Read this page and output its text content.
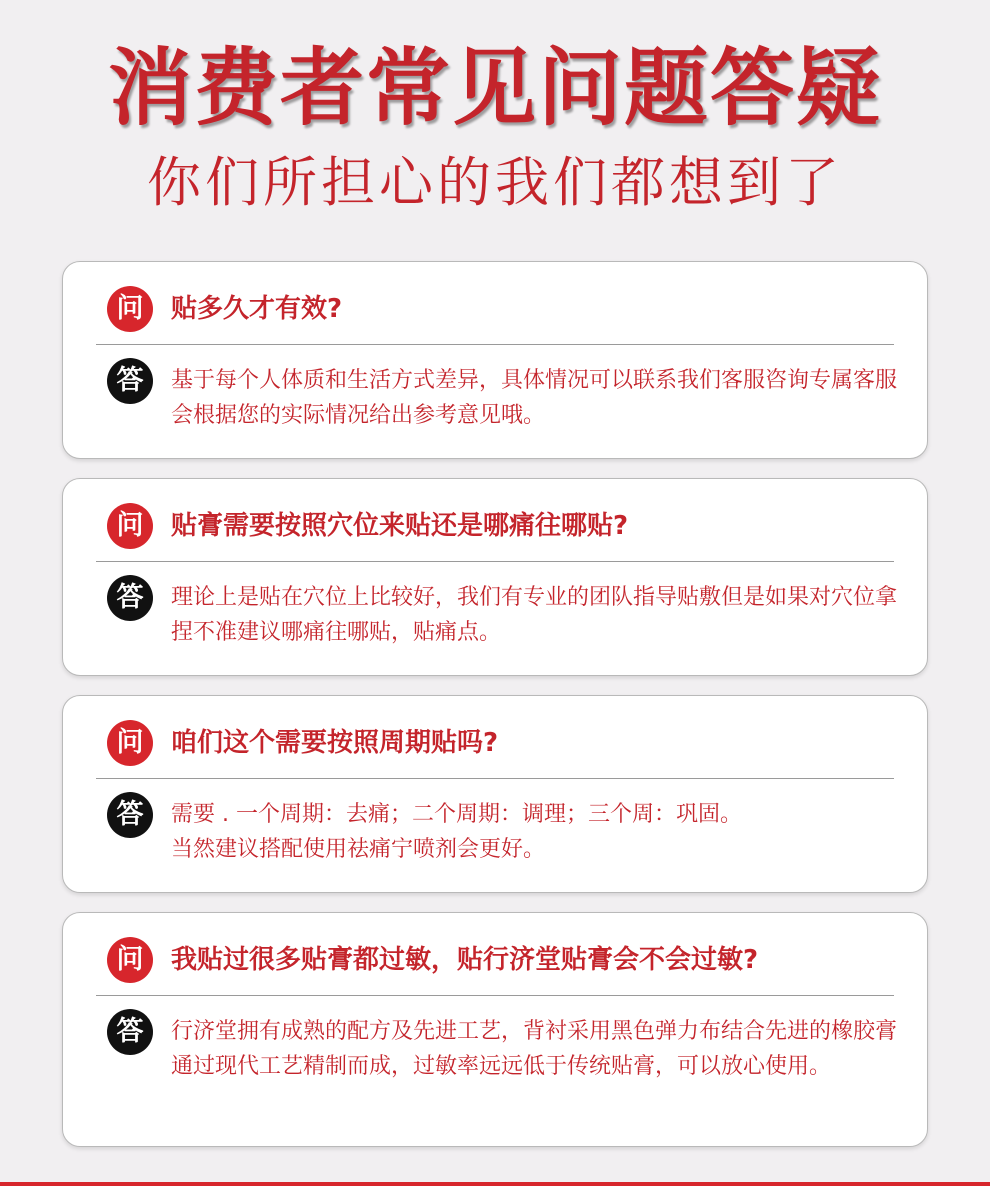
消费者常见问题答疑
你们所担心的我们都想到了
问	贴多久才有效?
答	基于每个人体质和生活方式差异，具体情况可以联系我们客服咨询专属客服会根据您的实际情况给出参考意见哦。
问	贴膏需要按照穴位来贴还是哪痛往哪贴?
答	理论上是贴在穴位上比较好，我们有专业的团队指导贴敷但是如果对穴位拿捏不准建议哪痛往哪贴，贴痛点。
问	咱们这个需要按照周期贴吗?
答	需要 . 一个周期：去痛；二个周期：调理；三个周：巩固。
当然建议搭配使用祛痛宁喷剂会更好。
问	我贴过很多贴膏都过敏，贴行济堂贴膏会不会过敏?
答	行济堂拥有成熟的配方及先进工艺，背衬采用黑色弹力布结合先进的橡胶膏通过现代工艺精制而成，过敏率远远低于传统贴膏，可以放心使用。
